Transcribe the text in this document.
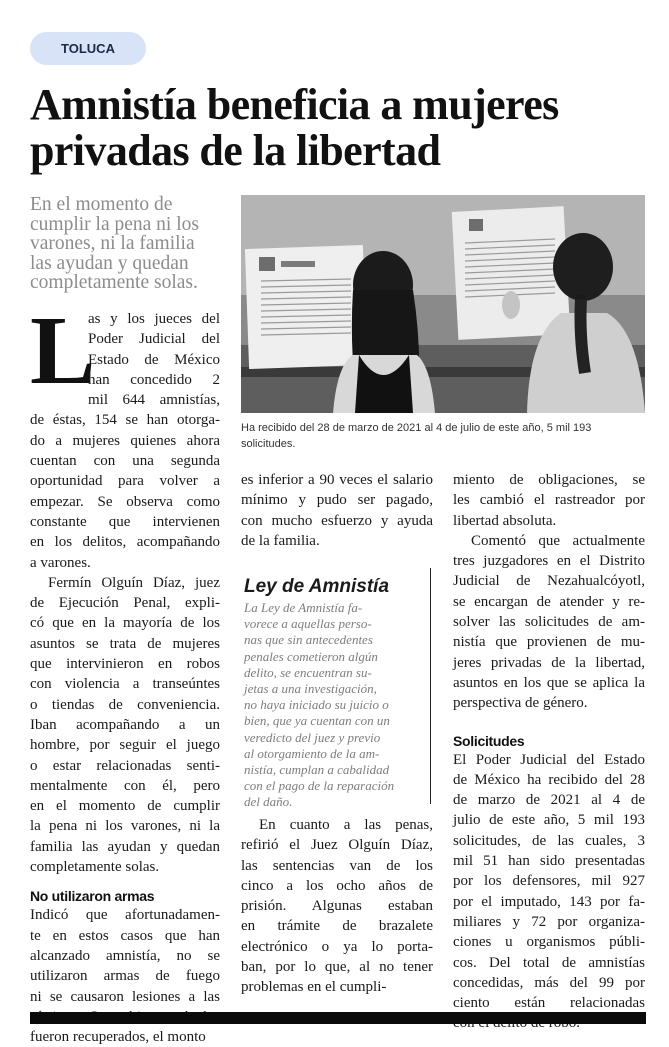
TOLUCA
Amnistía beneficia a mujeres
privadas de la libertad

En el momento de
cumplir la pena ni los
varones, ni la familia
las ayudan y quedan
completamente solas.

Ha recibido del 28 de marzo de 2021 al 4 de julio de este año, 5 mil 193
solicitudes.

L
as y los jueces del
Poder Judicial del
Estado de México
han concedido 2
mil 644 amnistías,
de éstas, 154 se han otorga-
do a mujeres quienes ahora
cuentan con una segunda
oportunidad para volver a
empezar. Se observa como
constante que intervienen
en los delitos, acompañando
a varones.
Fermín Olguín Díaz, juez
de Ejecución Penal, expli-
có que en la mayoría de los
asuntos se trata de mujeres
que intervinieron en robos
con violencia a transeúntes
o tiendas de conveniencia.
Iban acompañando a un
hombre, por seguir el juego
o estar relacionadas senti-
mentalmente con él, pero
en el momento de cumplir
la pena ni los varones, ni la
familia las ayudan y quedan
completamente solas.
No utilizaron armas
Indicó que afortunadamen-
te en estos casos que han
alcanzado amnistía, no se
utilizaron armas de fuego
ni se causaron lesiones a las
fueron recuperados, el monto
es inferior a 90 veces el salario
mínimo y pudo ser pagado,
con mucho esfuerzo y ayuda
de la familia.
Ley de Amnistía
La Ley de Amnistía fa-
vorece a aquellas perso-
nas que sin antecedentes
penales cometieron algún
delito, se encuentran su-
jetas a una investigación,
no haya iniciado su juicio o
bien, que ya cuentan con un
veredicto del juez y previo
al otorgamiento de la am-
nistía, cumplan a cabalidad
con el pago de la reparación
del daño.
En cuanto a las penas,
refirió el Juez Olguín Díaz,
las sentencias van de los
cinco a los ocho años de
prisión. Algunas estaban
en trámite de brazalete
electrónico o ya lo porta-
ban, por lo que, al no tener
problemas en el cumpli-
miento de obligaciones, se
les cambió el rastreador por
libertad absoluta.
Comentó que actualmente
tres juzgadores en el Distrito
Judicial de Nezahualcóyotl,
se encargan de atender y re-
solver las solicitudes de am-
nistía que provienen de mu-
jeres privadas de la libertad,
asuntos en los que se aplica la
perspectiva de género.
Solicitudes
El Poder Judicial del Estado
de México ha recibido del 28
de marzo de 2021 al 4 de
julio de este año, 5 mil 193
solicitudes, de las cuales, 3
mil 51 han sido presentadas
por los defensores, mil 927
por el imputado, 143 por fa-
miliares y 72 por organiza-
ciones u organismos públi-
cos. Del total de amnistías
concedidas, más del 99 por
ciento están relacionadas
